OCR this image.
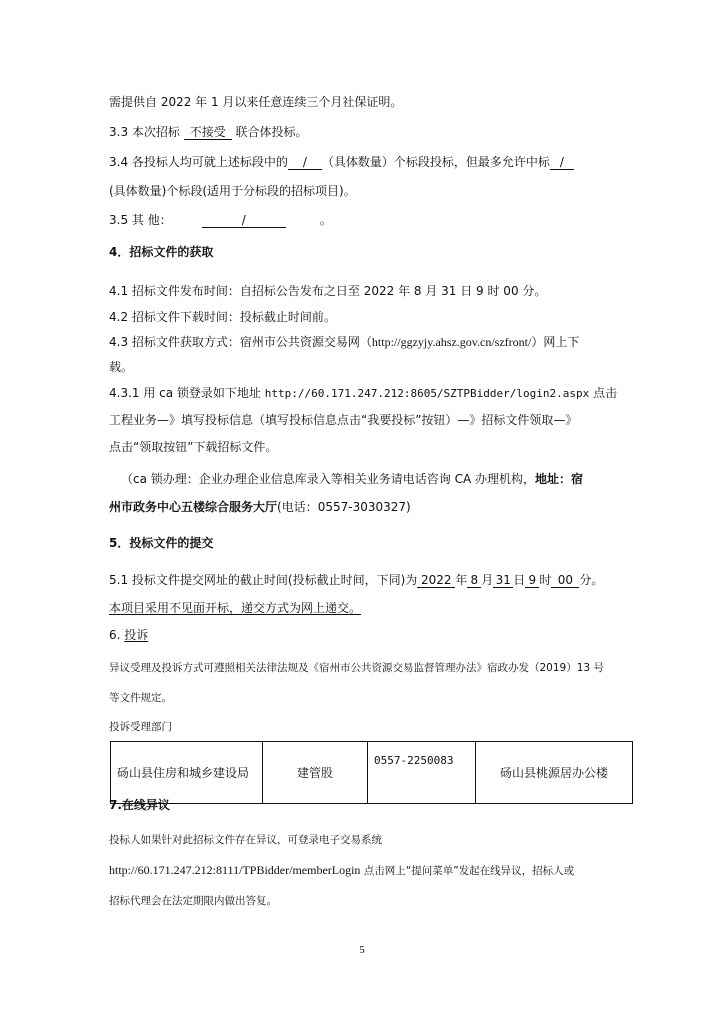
需提供自 2022 年 1 月以来任意连续三个月社保证明。
3.3 本次招标 不接受 联合体投标。
3.4 各投标人均可就上述标段中的 / （具体数量）个标段投标，但最多允许中标 /
(具体数量)个标段(适用于分标段的招标项目)。
3.5 其 他：	/	。
4．招标文件的获取
4.1 招标文件发布时间：自招标公告发布之日至 2022 年 8 月 31 日 9 时 00 分。
4.2 招标文件下载时间：投标截止时间前。
4.3 招标文件获取方式：宿州市公共资源交易网（http://ggzyjy.ahsz.gov.cn/szfront/）网上下
载。
4.3.1 用 ca 锁登录如下地址 http://60.171.247.212:8605/SZTPBidder/login2.aspx 点击
工程业务—》填写投标信息（填写投标信息点击“我要投标”按钮）—》招标文件领取—》
点击“领取按钮”下载招标文件。
（ca 锁办理：企业办理企业信息库录入等相关业务请电话咨询 CA 办理机构，地址：宿
州市政务中心五楼综合服务大厅(电话：0557-3030327)
5．投标文件的提交
5.1 投标文件提交网址的截止时间(投标截止时间，下同)为 2022 年 8 月 31 日 9 时 00 分。
本项目采用不见面开标，递交方式为网上递交。
6. 投诉
异议受理及投诉方式可遵照相关法律法规及《宿州市公共资源交易监督管理办法》宿政办发（2019）13 号
等文件规定。
投诉受理部门
砀山县住房和城乡建设局	建管股	0557-2250083	砀山县桃源居办公楼
7.在线异议
投标人如果针对此招标文件存在异议，可登录电子交易系统
http://60.171.247.212:8111/TPBidder/memberLogin 点击网上“提问菜单”发起在线异议，招标人或
招标代理会在法定期限内做出答复。
5
